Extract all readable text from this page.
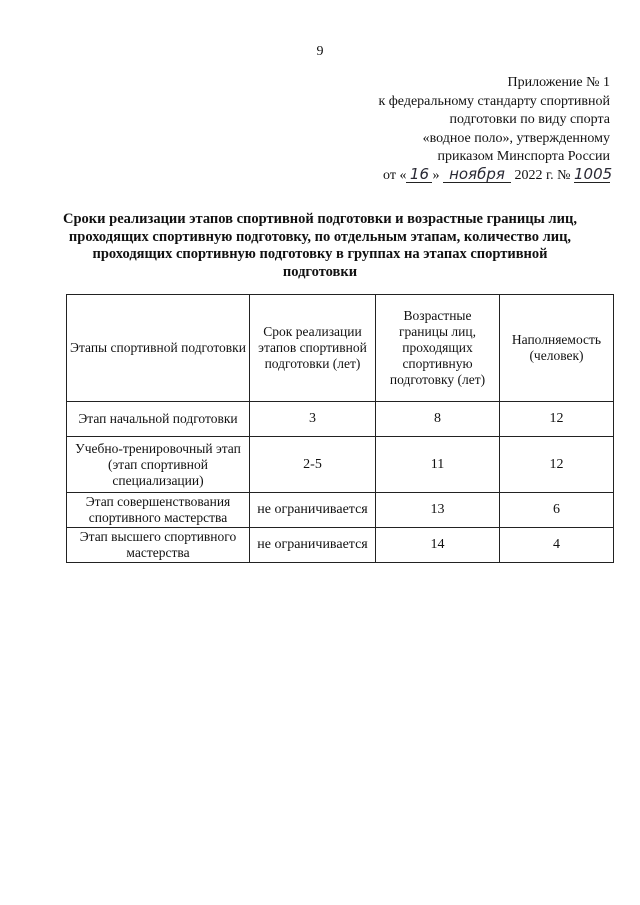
9
Приложение № 1
к федеральному стандарту спортивной
подготовки по виду спорта
«водное поло», утвержденному
приказом Минспорта России
от « 16 » ноября 2022 г. № 1005
Сроки реализации этапов спортивной подготовки и возрастные границы лиц, проходящих спортивную подготовку, по отдельным этапам, количество лиц, проходящих спортивную подготовку в группах на этапах спортивной подготовки
Этапы спортивной подготовки	Срок реализации этапов спортивной подготовки (лет)	Возрастные границы лиц, проходящих спортивную подготовку (лет)	Наполняемость (человек)
Этап начальной подготовки	3	8	12
Учебно-тренировочный этап (этап спортивной специализации)	2-5	11	12
Этап совершенствования спортивного мастерства	не ограничивается	13	6
Этап высшего спортивного мастерства	не ограничивается	14	4
